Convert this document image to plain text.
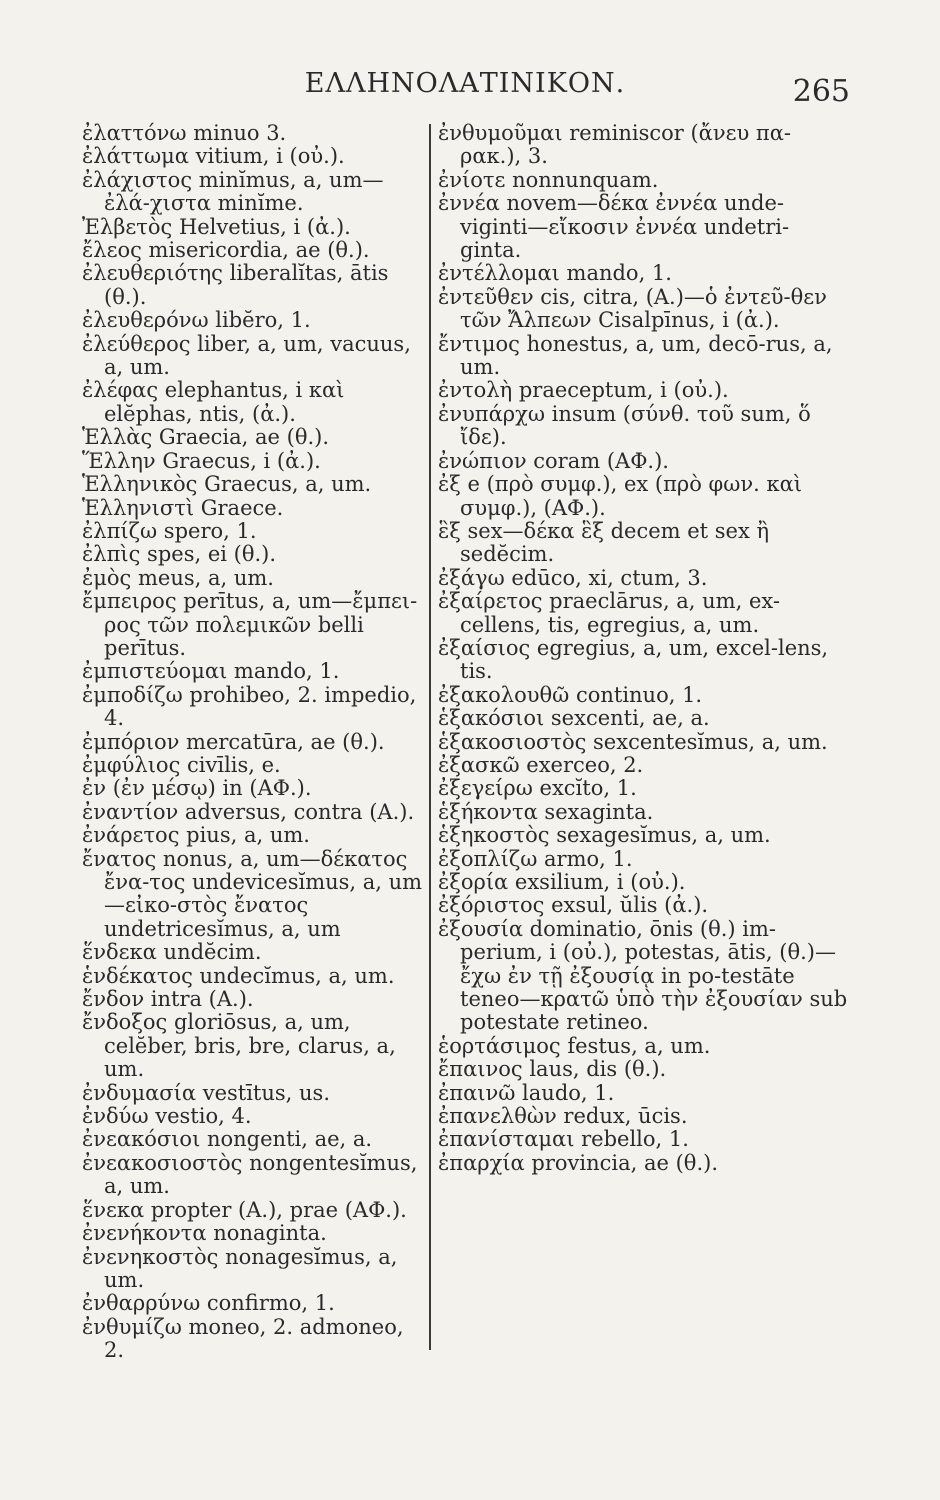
ΕΛΛΗΝΟΛΑΤΙΝΙΚΟΝ.	265

ἐλαττόνω minuo 3.

ἐλάττωμα vitium, i (οὐ.).

ἐλάχιστος minĭmus, a, um—ἐλά-χιστα minĭme.

Ἐλβετὸς Helvetius, i (ἀ.).

ἔλεος misericordia, ae (θ.).

ἐλευθεριότης liberalĭtas, ātis (θ.).

ἐλευθερόνω libĕro, 1.

ἐλεύθερος liber, a, um, vacuus, a, um.

ἐλέφας elephantus, i καὶ elĕphas, ntis, (ἀ.).

Ἑλλὰς Graecia, ae (θ.).

Ἕλλην Graecus, i (ἀ.).

Ἑλληνικὸς Graecus, a, um.

Ἑλληνιστὶ Graece.

ἐλπίζω spero, 1.

ἐλπὶς spes, ei (θ.).

ἐμὸς meus, a, um.

ἔμπειρος perītus, a, um—ἔμπει-ρος τῶν πολεμικῶν belli perītus.

ἐμπιστεύομαι mando, 1.

ἐμποδίζω prohibeo, 2. impedio, 4.

ἐμπόριον mercatūra, ae (θ.).

ἐμφύλιος civīlis, e.

ἐν (ἐν μέσῳ) in (ΑΦ.).

ἐναντίον adversus, contra (Α.).

ἐνάρετος pius, a, um.

ἔνατος nonus, a, um—δέκατος ἔνα-τος undevicesĭmus, a, um—εἰκο-στὸς ἔνατος undetricesĭmus, a, um

ἕνδεκα undĕcim.

ἑνδέκατος undecĭmus, a, um.

ἔνδον intra (Α.).

ἔνδοξος gloriōsus, a, um, celĕber, bris, bre, clarus, a, um.

ἐνδυμασία vestītus, us.

ἐνδύω vestio, 4.

ἐνεακόσιοι nongenti, ae, a.

ἐνεακοσιοστὸς nongentesĭmus, a, um.

ἕνεκα propter (Α.), prae (ΑΦ.).

ἐνενήκοντα nonaginta.

ἐνενηκοστὸς nonagesĭmus, a, um.

ἐνθαρρύνω confirmo, 1.

ἐνθυμίζω moneo, 2. admoneo, 2.

ἐνθυμοῦμαι reminiscor (ἄνευ πα-ρακ.), 3.

ἐνίοτε nonnunquam.

ἐννέα novem—δέκα ἐννέα unde-viginti—εἴκοσιν ἐννέα undetri-ginta.

ἐντέλλομαι mando, 1.

ἐντεῦθεν cis, citra, (Α.)—ὁ ἐντεῦ-θεν τῶν Ἄλπεων Cisalpīnus, i (ἀ.).

ἔντιμος honestus, a, um, decō-rus, a, um.

ἐντολὴ praeceptum, i (οὐ.).

ἐνυπάρχω insum (σύνθ. τοῦ sum, ὅ ἴδε).

ἐνώπιον coram (ΑΦ.).

ἐξ e (πρὸ συμφ.), ex (πρὸ φων. καὶ συμφ.), (ΑΦ.).

ἓξ sex—δέκα ἓξ decem et sex ἢ sedĕcim.

ἐξάγω edūco, xi, ctum, 3.

ἐξαίρετος praeclārus, a, um, ex-cellens, tis, egregius, a, um.

ἐξαίσιος egregius, a, um, excel-lens, tis.

ἐξακολουθῶ continuo, 1.

ἑξακόσιοι sexcenti, ae, a.

ἑξακοσιοστὸς sexcentesĭmus, a, um.

ἐξασκῶ exerceo, 2.

ἐξεγείρω excĭto, 1.

ἑξήκοντα sexaginta.

ἑξηκοστὸς sexagesĭmus, a, um.

ἐξοπλίζω armo, 1.

ἐξορία exsilium, i (οὐ.).

ἐξόριστος exsul, ŭlis (ἀ.).

ἐξουσία dominatio, ōnis (θ.) im-perium, i (οὐ.), potestas, ātis, (θ.)—ἔχω ἐν τῇ ἐξουσίᾳ in po-testāte teneo—κρατῶ ὑπὸ τὴν ἐξουσίαν sub potestate retineo.

ἑορτάσιμος festus, a, um.

ἔπαινος laus, dis (θ.).

ἐπαινῶ laudo, 1.

ἐπανελθὼν redux, ūcis.

ἐπανίσταμαι rebello, 1.

ἐπαρχία provincia, ae (θ.).
